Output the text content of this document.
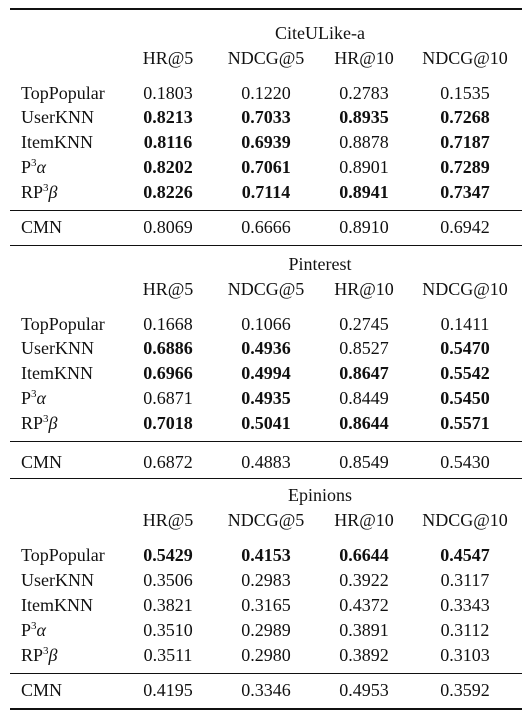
CiteULike-a
HR@5	NDCG@5	HR@10	NDCG@10
TopPopular	0.1803	0.1220	0.2783	0.1535
UserKNN	0.8213	0.7033	0.8935	0.7268
ItemKNN	0.8116	0.6939	0.8878	0.7187
$P^3\alpha$	0.8202	0.7061	0.8901	0.7289
$RP^3\beta$	0.8226	0.7114	0.8941	0.7347
CMN	0.8069	0.6666	0.8910	0.6942
Pinterest
HR@5	NDCG@5	HR@10	NDCG@10
TopPopular	0.1668	0.1066	0.2745	0.1411
UserKNN	0.6886	0.4936	0.8527	0.5470
ItemKNN	0.6966	0.4994	0.8647	0.5542
$P^3\alpha$	0.6871	0.4935	0.8449	0.5450
$RP^3\beta$	0.7018	0.5041	0.8644	0.5571
CMN	0.6872	0.4883	0.8549	0.5430
Epinions
HR@5	NDCG@5	HR@10	NDCG@10
TopPopular	0.5429	0.4153	0.6644	0.4547
UserKNN	0.3506	0.2983	0.3922	0.3117
ItemKNN	0.3821	0.3165	0.4372	0.3343
$P^3\alpha$	0.3510	0.2989	0.3891	0.3112
$RP^3\beta$	0.3511	0.2980	0.3892	0.3103
CMN	0.4195	0.3346	0.4953	0.3592
